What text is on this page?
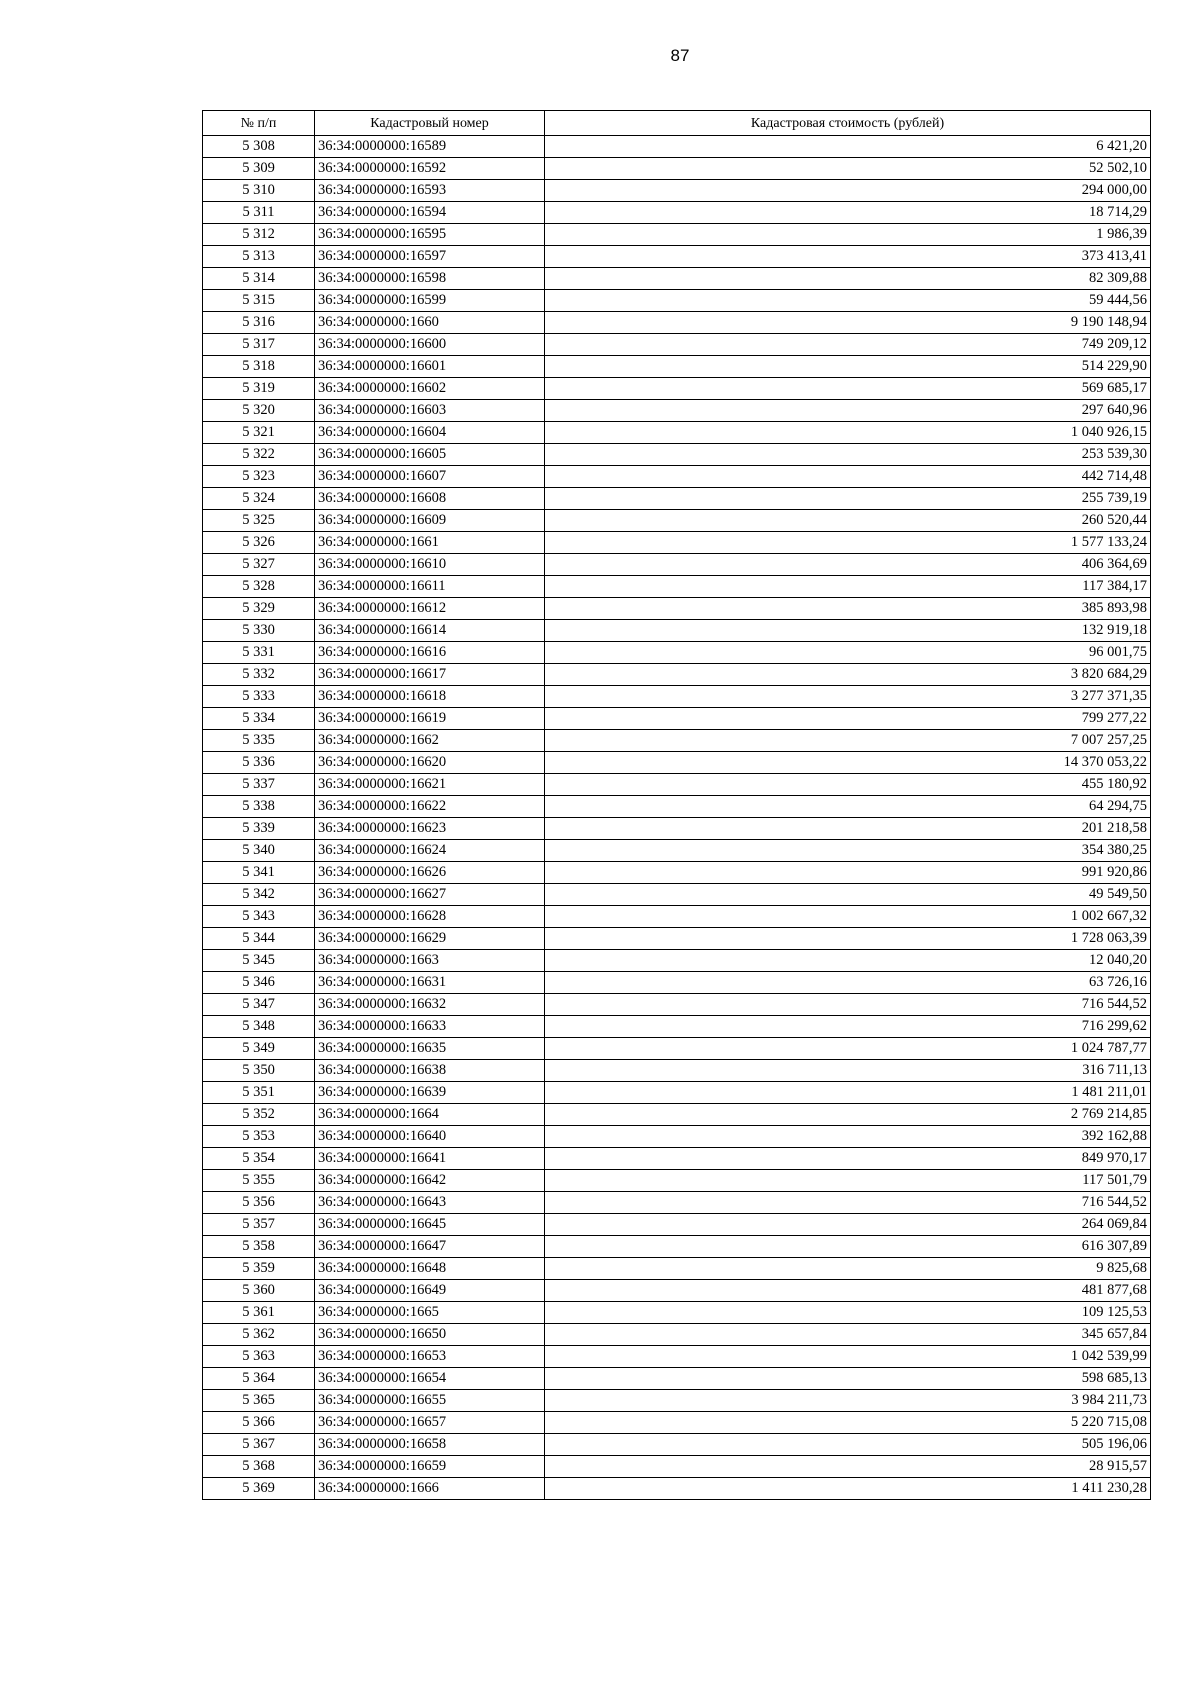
87
№ п/п	Кадастровый номер	Кадастровая стоимость (рублей)
5 308	36:34:0000000:16589	6 421,20
5 309	36:34:0000000:16592	52 502,10
5 310	36:34:0000000:16593	294 000,00
5 311	36:34:0000000:16594	18 714,29
5 312	36:34:0000000:16595	1 986,39
5 313	36:34:0000000:16597	373 413,41
5 314	36:34:0000000:16598	82 309,88
5 315	36:34:0000000:16599	59 444,56
5 316	36:34:0000000:1660	9 190 148,94
5 317	36:34:0000000:16600	749 209,12
5 318	36:34:0000000:16601	514 229,90
5 319	36:34:0000000:16602	569 685,17
5 320	36:34:0000000:16603	297 640,96
5 321	36:34:0000000:16604	1 040 926,15
5 322	36:34:0000000:16605	253 539,30
5 323	36:34:0000000:16607	442 714,48
5 324	36:34:0000000:16608	255 739,19
5 325	36:34:0000000:16609	260 520,44
5 326	36:34:0000000:1661	1 577 133,24
5 327	36:34:0000000:16610	406 364,69
5 328	36:34:0000000:16611	117 384,17
5 329	36:34:0000000:16612	385 893,98
5 330	36:34:0000000:16614	132 919,18
5 331	36:34:0000000:16616	96 001,75
5 332	36:34:0000000:16617	3 820 684,29
5 333	36:34:0000000:16618	3 277 371,35
5 334	36:34:0000000:16619	799 277,22
5 335	36:34:0000000:1662	7 007 257,25
5 336	36:34:0000000:16620	14 370 053,22
5 337	36:34:0000000:16621	455 180,92
5 338	36:34:0000000:16622	64 294,75
5 339	36:34:0000000:16623	201 218,58
5 340	36:34:0000000:16624	354 380,25
5 341	36:34:0000000:16626	991 920,86
5 342	36:34:0000000:16627	49 549,50
5 343	36:34:0000000:16628	1 002 667,32
5 344	36:34:0000000:16629	1 728 063,39
5 345	36:34:0000000:1663	12 040,20
5 346	36:34:0000000:16631	63 726,16
5 347	36:34:0000000:16632	716 544,52
5 348	36:34:0000000:16633	716 299,62
5 349	36:34:0000000:16635	1 024 787,77
5 350	36:34:0000000:16638	316 711,13
5 351	36:34:0000000:16639	1 481 211,01
5 352	36:34:0000000:1664	2 769 214,85
5 353	36:34:0000000:16640	392 162,88
5 354	36:34:0000000:16641	849 970,17
5 355	36:34:0000000:16642	117 501,79
5 356	36:34:0000000:16643	716 544,52
5 357	36:34:0000000:16645	264 069,84
5 358	36:34:0000000:16647	616 307,89
5 359	36:34:0000000:16648	9 825,68
5 360	36:34:0000000:16649	481 877,68
5 361	36:34:0000000:1665	109 125,53
5 362	36:34:0000000:16650	345 657,84
5 363	36:34:0000000:16653	1 042 539,99
5 364	36:34:0000000:16654	598 685,13
5 365	36:34:0000000:16655	3 984 211,73
5 366	36:34:0000000:16657	5 220 715,08
5 367	36:34:0000000:16658	505 196,06
5 368	36:34:0000000:16659	28 915,57
5 369	36:34:0000000:1666	1 411 230,28
